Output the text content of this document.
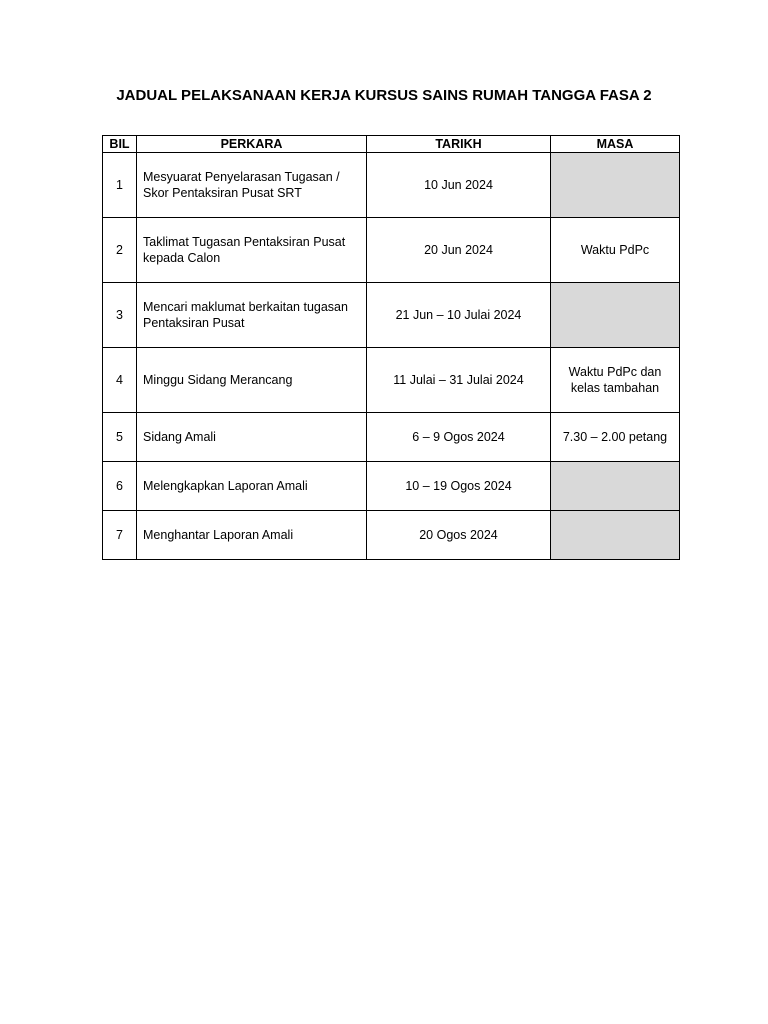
JADUAL PELAKSANAAN KERJA KURSUS SAINS RUMAH TANGGA FASA 2
BIL	PERKARA	TARIKH	MASA
1	Mesyuarat Penyelarasan Tugasan / Skor Pentaksiran Pusat SRT	10 Jun 2024	
2	Taklimat Tugasan Pentaksiran Pusat kepada Calon	20 Jun 2024	Waktu PdPc
3	Mencari maklumat berkaitan tugasan Pentaksiran Pusat	21 Jun – 10 Julai 2024	
4	Minggu Sidang Merancang	11 Julai – 31 Julai 2024	Waktu PdPc dan kelas tambahan
5	Sidang Amali	6 – 9 Ogos 2024	7.30 – 2.00 petang
6	Melengkapkan Laporan Amali	10 – 19 Ogos 2024	
7	Menghantar Laporan Amali	20 Ogos 2024	
